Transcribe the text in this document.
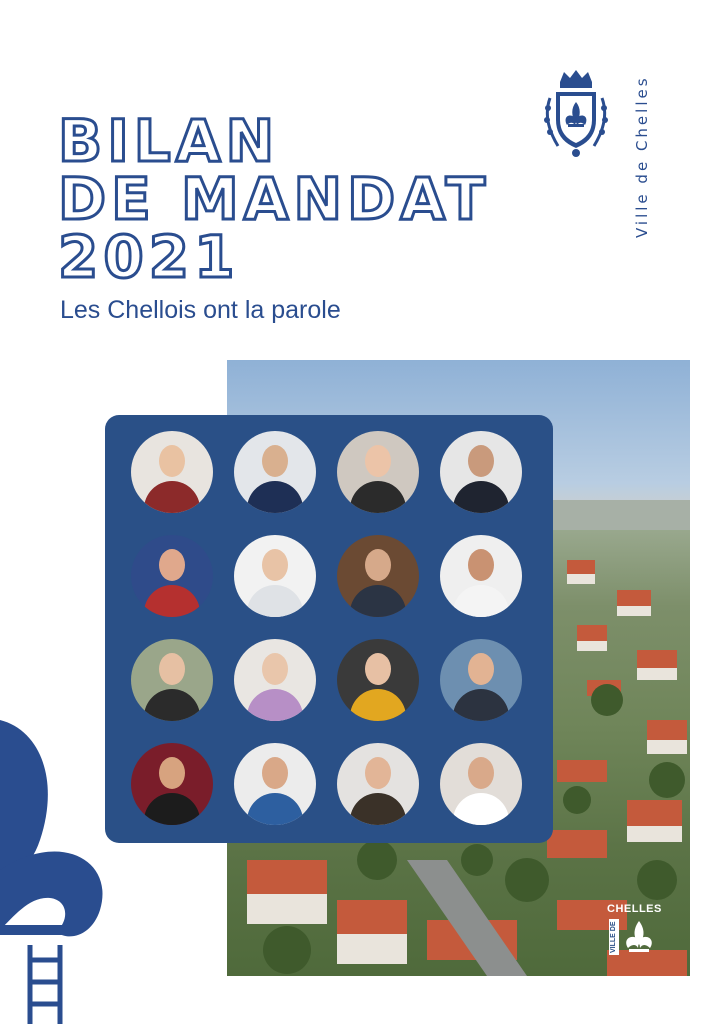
BILAN
DE MANDAT
2021
Les Chellois ont la parole
Ville de Chelles
CHELLES
VILLE DE
